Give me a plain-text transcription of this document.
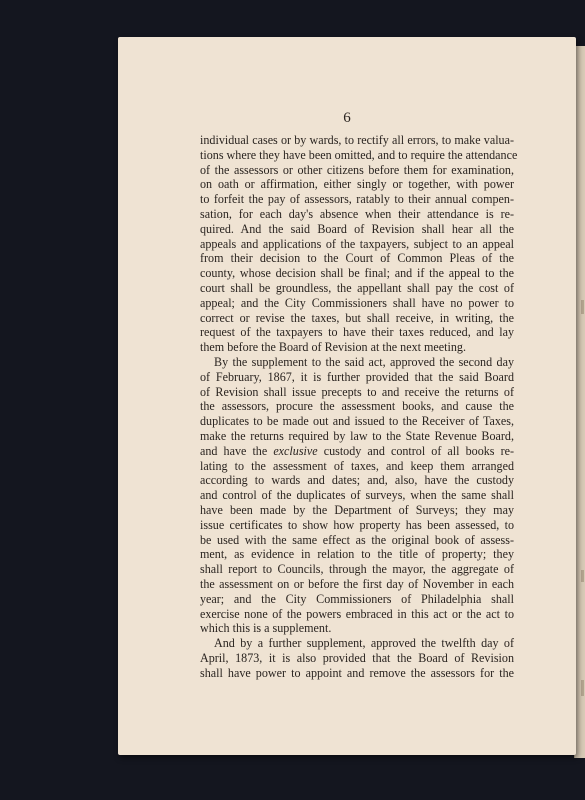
6
individual cases or by wards, to rectify all errors, to make valua-
tions where they have been omitted, and to require the attendance
of the assessors or other citizens before them for examination,
on oath or affirmation, either singly or together, with power
to forfeit the pay of assessors, ratably to their annual compen-
sation, for each day's absence when their attendance is re-
quired. And the said Board of Revision shall hear all the
appeals and applications of the taxpayers, subject to an appeal
from their decision to the Court of Common Pleas of the
county, whose decision shall be final; and if the appeal to the
court shall be groundless, the appellant shall pay the cost of
appeal; and the City Commissioners shall have no power to
correct or revise the taxes, but shall receive, in writing, the
request of the taxpayers to have their taxes reduced, and lay
them before the Board of Revision at the next meeting.
By the supplement to the said act, approved the second day
of February, 1867, it is further provided that the said Board
of Revision shall issue precepts to and receive the returns of
the assessors, procure the assessment books, and cause the
duplicates to be made out and issued to the Receiver of Taxes,
make the returns required by law to the State Revenue Board,
and have the exclusive custody and control of all books re-
lating to the assessment of taxes, and keep them arranged
according to wards and dates; and, also, have the custody
and control of the duplicates of surveys, when the same shall
have been made by the Department of Surveys; they may
issue certificates to show how property has been assessed, to
be used with the same effect as the original book of assess-
ment, as evidence in relation to the title of property; they
shall report to Councils, through the mayor, the aggregate of
the assessment on or before the first day of November in each
year; and the City Commissioners of Philadelphia shall
exercise none of the powers embraced in this act or the act to
which this is a supplement.
And by a further supplement, approved the twelfth day of
April, 1873, it is also provided that the Board of Revision
shall have power to appoint and remove the assessors for the
